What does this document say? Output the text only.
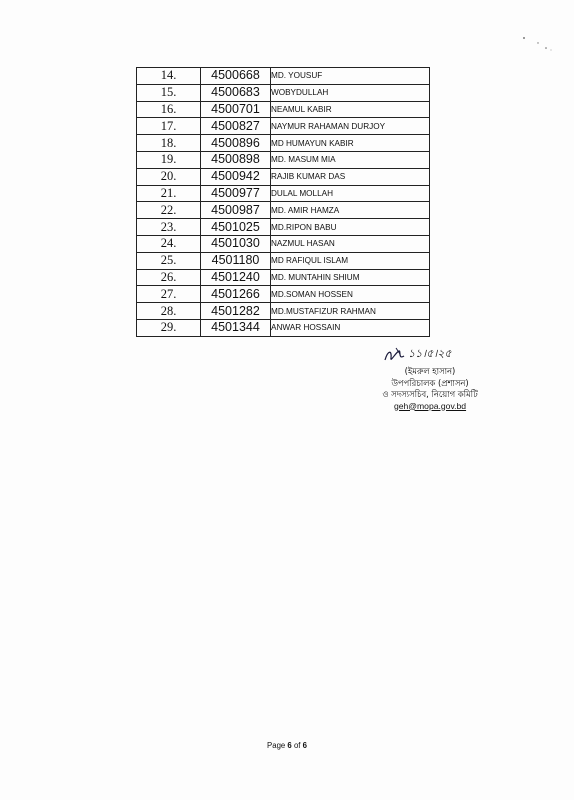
14.	4500668	MD. YOUSUF
15.	4500683	WOBYDULLAH
16.	4500701	NEAMUL KABIR
17.	4500827	NAYMUR RAHAMAN DURJOY
18.	4500896	MD HUMAYUN KABIR
19.	4500898	MD. MASUM MIA
20.	4500942	RAJIB KUMAR DAS
21.	4500977	DULAL MOLLAH
22.	4500987	MD. AMIR HAMZA
23.	4501025	MD.RIPON BABU
24.	4501030	NAZMUL HASAN
25.	4501180	MD RAFIQUL ISLAM
26.	4501240	MD. MUNTAHIN SHIUM
27.	4501266	MD.SOMAN HOSSEN
28.	4501282	MD.MUSTAFIZUR RAHMAN
29.	4501344	ANWAR HOSSAIN
১১।৫।২৫
(ইমরুল হাসান)
উপপরিচালক (প্রশাসন)
ও সদস্যসচিব, নিয়োগ কমিটি
geh@mopa.gov.bd
Page 6 of 6
